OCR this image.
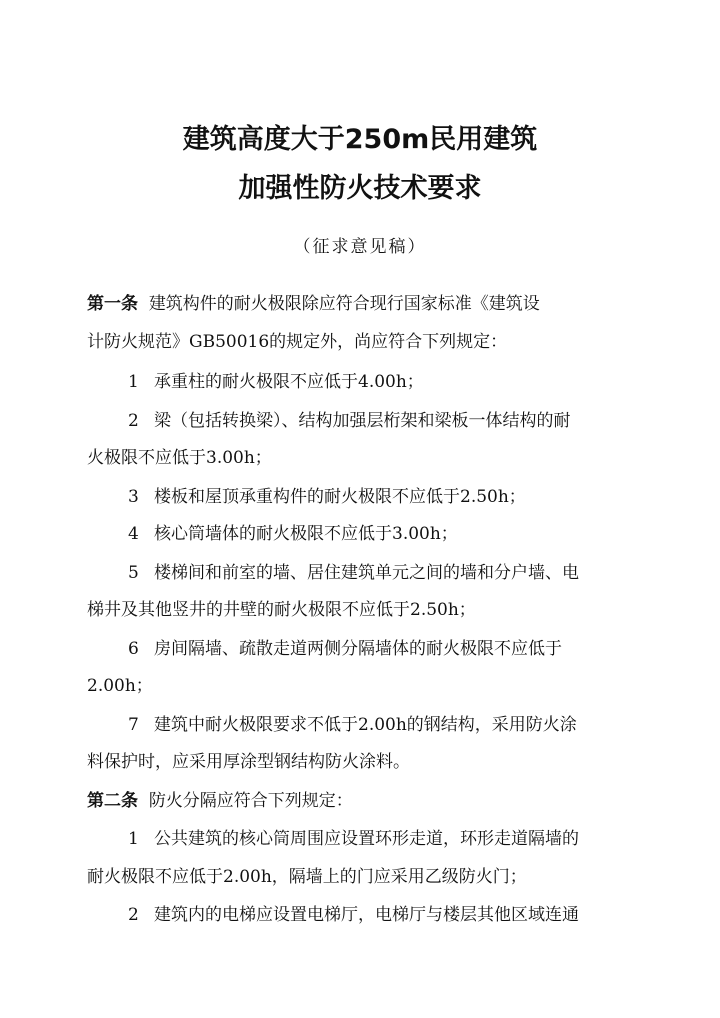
建筑高度大于250m民用建筑
加强性防火技术要求
（征求意见稿）
第一条 建筑构件的耐火极限除应符合现行国家标准《建筑设
计防火规范》GB50016的规定外，尚应符合下列规定：
1 承重柱的耐火极限不应低于4.00h；
2 梁（包括转换梁）、结构加强层桁架和梁板一体结构的耐
火极限不应低于3.00h；
3 楼板和屋顶承重构件的耐火极限不应低于2.50h；
4 核心筒墙体的耐火极限不应低于3.00h；
5 楼梯间和前室的墙、居住建筑单元之间的墙和分户墙、电
梯井及其他竖井的井壁的耐火极限不应低于2.50h；
6 房间隔墙、疏散走道两侧分隔墙体的耐火极限不应低于
2.00h；
7 建筑中耐火极限要求不低于2.00h的钢结构，采用防火涂
料保护时，应采用厚涂型钢结构防火涂料。
第二条 防火分隔应符合下列规定：
1 公共建筑的核心筒周围应设置环形走道，环形走道隔墙的
耐火极限不应低于2.00h，隔墙上的门应采用乙级防火门；
2 建筑内的电梯应设置电梯厅，电梯厅与楼层其他区域连通
